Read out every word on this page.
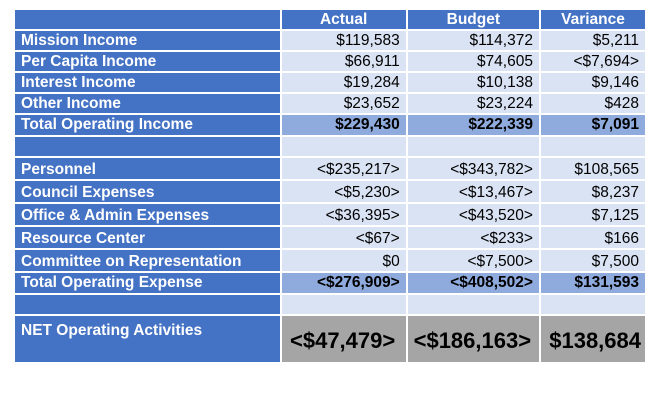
	Actual	Budget	Variance
Mission Income	$119,583	$114,372	$5,211
Per Capita Income	$66,911	$74,605	<$7,694>
Interest Income	$19,284	$10,138	$9,146
Other Income	$23,652	$23,224	$428
Total Operating Income	$229,430	$222,339	$7,091

Personnel	<$235,217>	<$343,782>	$108,565
Council Expenses	<$5,230>	<$13,467>	$8,237
Office & Admin Expenses	<$36,395>	<$43,520>	$7,125
Resource Center	<$67>	<$233>	$166
Committee on Representation	$0	<$7,500>	$7,500
Total Operating Expense	<$276,909>	<$408,502>	$131,593

NET Operating Activities	<$47,479>	<$186,163>	$138,684
